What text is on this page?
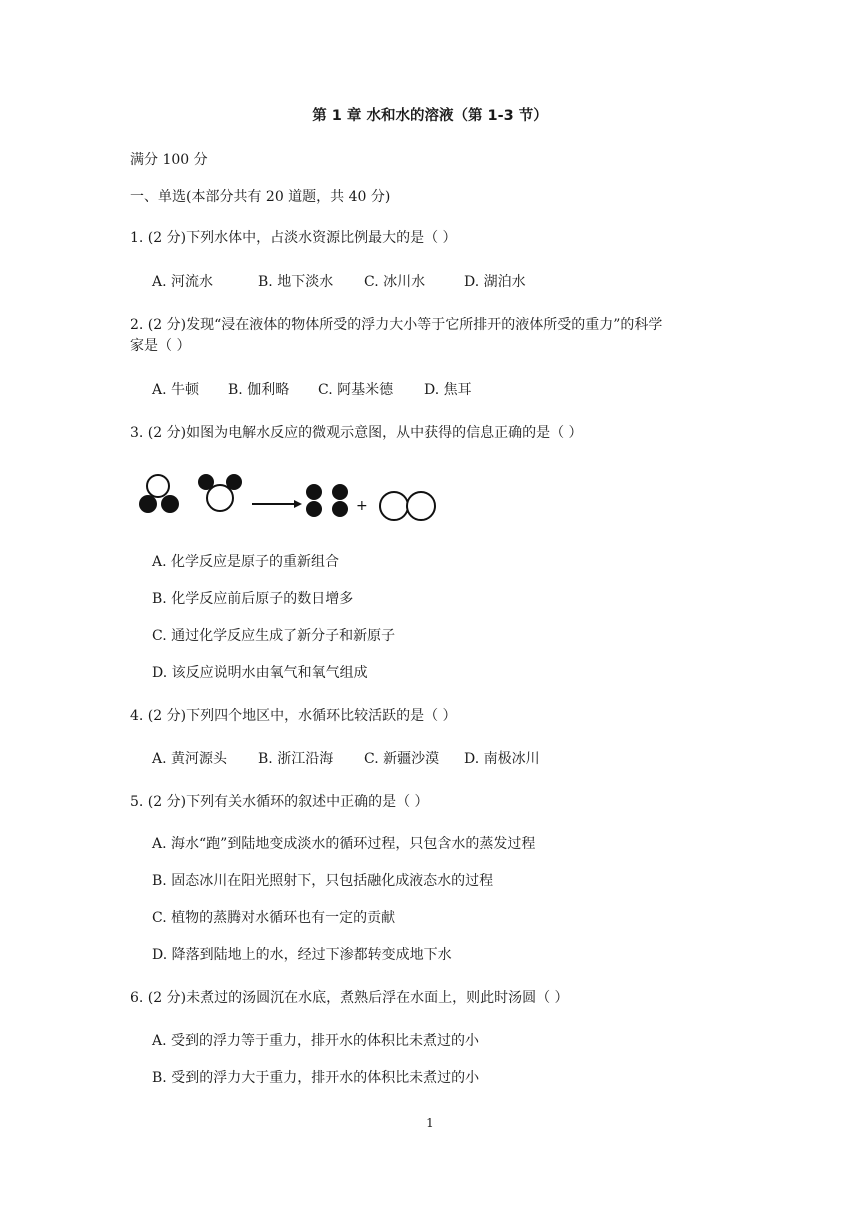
第 1 章 水和水的溶液（第 1-3 节）
满分 100 分
一、单选(本部分共有 20 道题，共 40 分)
1. (2 分)下列水体中，占淡水资源比例最大的是（ ）
A. 河流水	B. 地下淡水 C. 冰川水	D. 湖泊水
2. (2 分)发现“浸在液体的物体所受的浮力大小等于它所排开的液体所受的重力”的科学
家是（ ）
A. 牛顿 B. 伽利略 C. 阿基米德 D. 焦耳
3. (2 分)如图为电解水反应的微观示意图，从中获得的信息正确的是（ ）
+
A. 化学反应是原子的重新组合
B. 化学反应前后原子的数日增多
C. 通过化学反应生成了新分子和新原子
D. 该反应说明水由氧气和氧气组成
4. (2 分)下列四个地区中，水循环比较活跃的是（ ）
A. 黄河源头 B. 浙江沿海 C. 新疆沙漠 D. 南极冰川
5. (2 分)下列有关水循环的叙述中正确的是（ ）
A. 海水“跑”到陆地变成淡水的循环过程，只包含水的蒸发过程
B. 固态冰川在阳光照射下，只包括融化成液态水的过程
C. 植物的蒸腾对水循环也有一定的贡献
D. 降落到陆地上的水，经过下渗都转变成地下水
6. (2 分)未煮过的汤圆沉在水底，煮熟后浮在水面上，则此时汤圆（ ）
A. 受到的浮力等于重力，排开水的体积比未煮过的小
B. 受到的浮力大于重力，排开水的体积比未煮过的小
1
